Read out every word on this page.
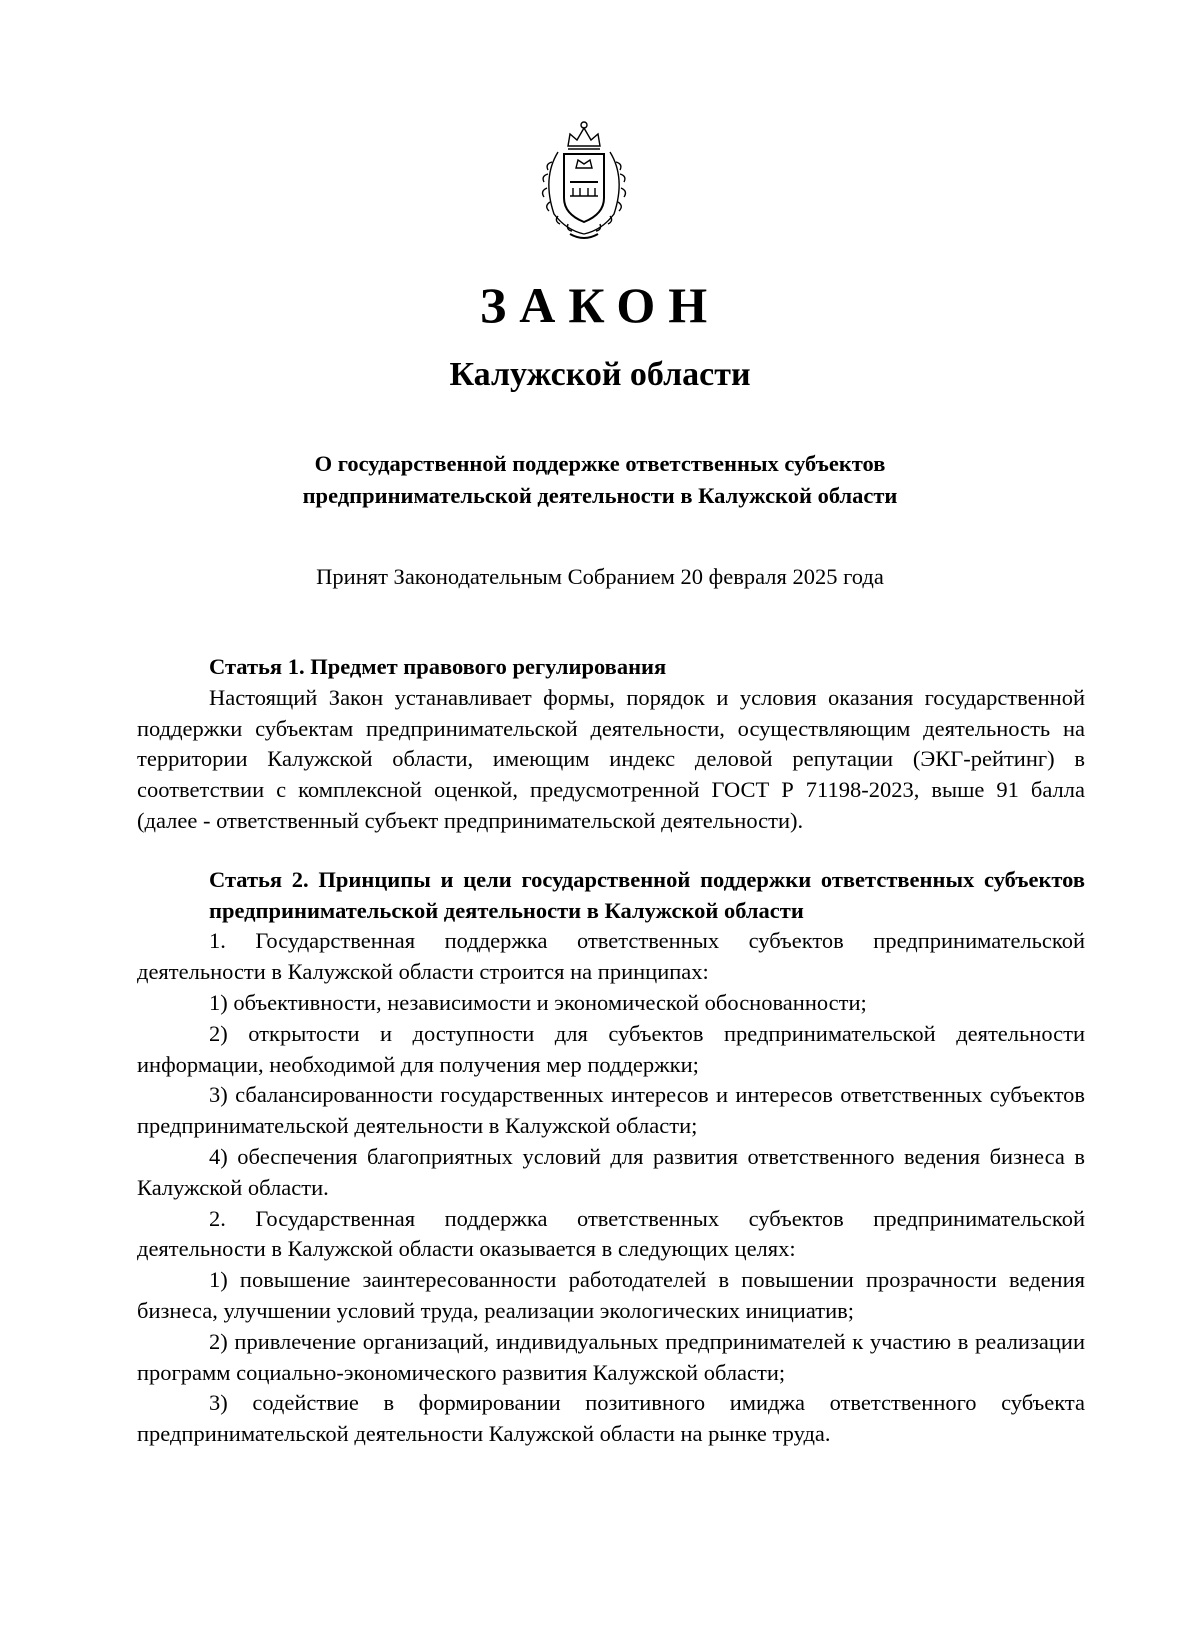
ЗАКОН

Калужской области

О государственной поддержке ответственных субъектов
предпринимательской деятельности в Калужской области

Принят Законодательным Собранием 20 февраля 2025 года

Статья 1. Предмет правового регулирования

Настоящий Закон устанавливает формы, порядок и условия оказания государственной поддержки субъектам предпринимательской деятельности, осуществляющим деятельность на территории Калужской области, имеющим индекс деловой репутации (ЭКГ-рейтинг) в соответствии с комплексной оценкой, предусмотренной ГОСТ Р 71198-2023, выше 91 балла (далее - ответственный субъект предпринимательской деятельности).

Статья 2. Принципы и цели государственной поддержки ответственных субъектов предпринимательской деятельности в Калужской области

1. Государственная поддержка ответственных субъектов предпринимательской деятельности в Калужской области строится на принципах:

1) объективности, независимости и экономической обоснованности;

2) открытости и доступности для субъектов предпринимательской деятельности информации, необходимой для получения мер поддержки;

3) сбалансированности государственных интересов и интересов ответственных субъектов предпринимательской деятельности в Калужской области;

4) обеспечения благоприятных условий для развития ответственного ведения бизнеса в Калужской области.

2. Государственная поддержка ответственных субъектов предпринимательской деятельности в Калужской области оказывается в следующих целях:

1) повышение заинтересованности работодателей в повышении прозрачности ведения бизнеса, улучшении условий труда, реализации экологических инициатив;

2) привлечение организаций, индивидуальных предпринимателей к участию в реализации программ социально-экономического развития Калужской области;

3) содействие в формировании позитивного имиджа ответственного субъекта предпринимательской деятельности Калужской области на рынке труда.
